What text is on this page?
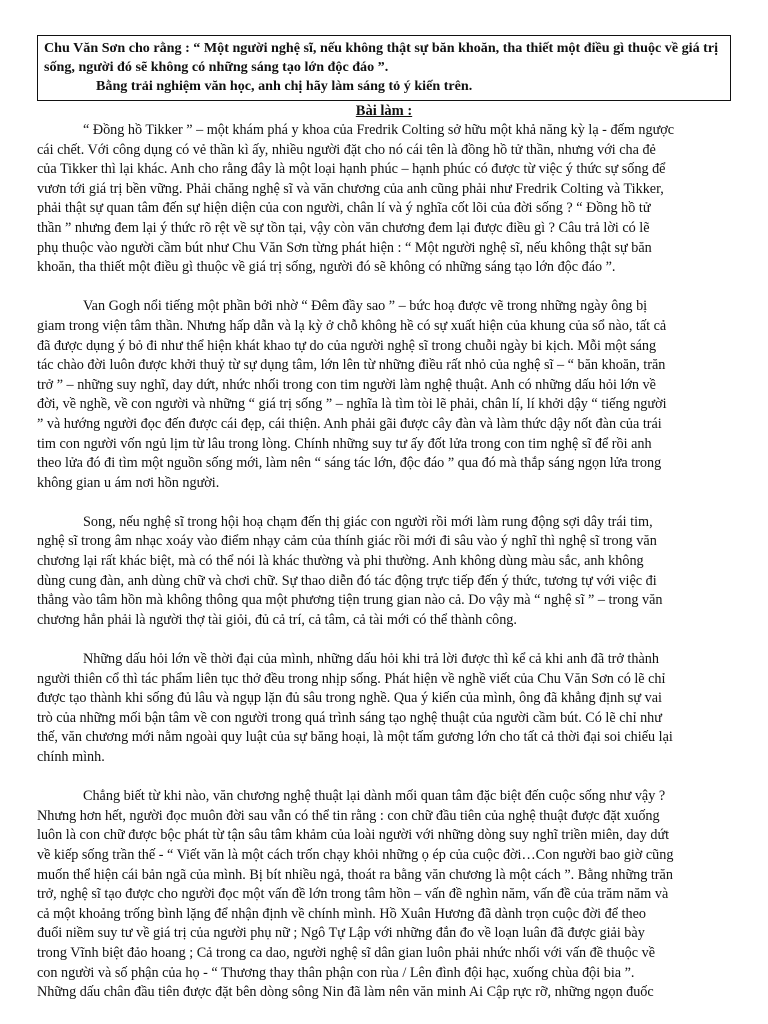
Chu Văn Sơn cho rằng : “ Một người nghệ sĩ, nếu không thật sự băn khoăn, tha thiết một điều gì thuộc về giá trị sống, người đó sẽ không có những sáng tạo lớn độc đáo ”.

Bằng trải nghiệm văn học, anh chị hãy làm sáng tỏ ý kiến trên.

Bài làm :
“ Đồng hồ Tikker ” – một khám phá y khoa của Fredrik Colting sở hữu một khả năng kỳ lạ - đếm ngược
cái chết. Với công dụng có vẻ thần kì ấy, nhiều người đặt cho nó cái tên là đồng hồ tử thần, nhưng với cha đẻ
của Tikker thì lại khác. Anh cho rằng đây là một loại hạnh phúc – hạnh phúc có được từ việc ý thức sự sống để
vươn tới giá trị bền vững. Phải chăng nghệ sĩ và văn chương của anh cũng phải như Fredrik Colting và Tikker,
phải thật sự quan tâm đến sự hiện diện của con người, chân lí và ý nghĩa cốt lõi của đời sống ? “ Đồng hồ tử
thần ” nhưng đem lại ý thức rõ rệt về sự tồn tại, vậy còn văn chương đem lại được điều gì ? Câu trả lời có lẽ
phụ thuộc vào người cầm bút như Chu Văn Sơn từng phát hiện : “ Một người nghệ sĩ, nếu không thật sự băn
khoăn, tha thiết một điều gì thuộc về giá trị sống, người đó sẽ không có những sáng tạo lớn độc đáo ”.
Van Gogh nổi tiếng một phần bởi nhờ “ Đêm đầy sao ” – bức hoạ được vẽ trong những ngày ông bị
giam trong viện tâm thần. Nhưng hấp dẫn và lạ kỳ ở chỗ không hề có sự xuất hiện của khung của sổ nào, tất cả
đã được dụng ý bỏ đi như thể hiện khát khao tự do của người nghệ sĩ trong chuỗi ngày bi kịch. Mỗi một sáng
tác chào đời luôn được khởi thuỷ từ sự dụng tâm, lớn lên từ những điều rất nhỏ của nghệ sĩ – “ băn khoăn, trăn
trở ” – những suy nghĩ, day dứt, nhức nhối trong con tim người làm nghệ thuật. Anh có những dấu hỏi lớn về
đời, về nghề, về con người và những “ giá trị sống ” – nghĩa là tìm tòi lẽ phải, chân lí, lí khởi dậy “ tiếng người
” và hướng người đọc đến được cái đẹp, cái thiện. Anh phải gãi được cây đàn và làm thức dậy nốt đàn của trái
tim con người vốn ngủ lịm từ lâu trong lòng. Chính những suy tư ấy đốt lửa trong con tim nghệ sĩ để rồi anh
theo lửa đó đi tìm một nguồn sống mới, làm nên “ sáng tác lớn, độc đáo ” qua đó mà thắp sáng ngọn lửa trong
không gian u ám nơi hồn người.
Song, nếu nghệ sĩ trong hội hoạ chạm đến thị giác con người rồi mới làm rung động sợi dây trái tim,
nghệ sĩ trong âm nhạc xoáy vào điểm nhạy cảm của thính giác rồi mới đi sâu vào ý nghĩ thì nghệ sĩ trong văn
chương lại rất khác biệt, mà có thể nói là khác thường và phi thường. Anh không dùng màu sắc, anh không
dùng cung đàn, anh dùng chữ và chơi chữ. Sự thao diễn đó tác động trực tiếp đến ý thức, tương tự với việc đi
thẳng vào tâm hồn mà không thông qua một phương tiện trung gian nào cả. Do vậy mà “ nghệ sĩ ” – trong văn
chương hẳn phải là người thợ tài giỏi, đủ cả trí, cả tâm, cả tài mới có thể thành công.
Những dấu hỏi lớn về thời đại của mình, những dấu hỏi khi trả lời được thì kể cả khi anh đã trở thành
người thiên cổ thì tác phẩm liên tục thở đều trong nhịp sống. Phát hiện về nghề viết của Chu Văn Sơn có lẽ chỉ
được tạo thành khi sống đủ lâu và ngụp lặn đủ sâu trong nghề. Qua ý kiến của mình, ông đã khẳng định sự vai
trò của những mối bận tâm về con người trong quá trình sáng tạo nghệ thuật của người cầm bút. Có lẽ chỉ như
thế, văn chương mới nằm ngoài quy luật của sự băng hoại, là một tấm gương lớn cho tất cả thời đại soi chiếu lại
chính mình.
Chẳng biết từ khi nào, văn chương nghệ thuật lại dành mối quan tâm đặc biệt đến cuộc sống như vậy ?
Nhưng hơn hết, người đọc muôn đời sau vẫn có thể tin rằng : con chữ đầu tiên của nghệ thuật được đặt xuống
luôn là con chữ được bộc phát từ tận sâu tâm khảm của loài người với những dòng suy nghĩ triền miên, day dứt
về kiếp sống trần thế - “ Viết văn là một cách trốn chạy khỏi những ọ ép của cuộc đời…Con người bao giờ cũng
muốn thể hiện cái bản ngã của mình. Bị bít nhiều ngả, thoát ra bằng văn chương là một cách ”. Bằng những trăn
trở, nghệ sĩ tạo được cho người đọc một vấn đề lớn trong tâm hồn – vấn đề nghìn năm, vấn đề của trăm năm và
cả một khoảng trống bình lặng để nhận định về chính mình. Hồ Xuân Hương đã dành trọn cuộc đời để theo
đuổi niềm suy tư về giá trị của người phụ nữ ; Ngô Tự Lập với những đắn đo về loạn luân đã được giải bày
trong Vĩnh biệt đảo hoang ; Cả trong ca dao, người nghệ sĩ dân gian luôn phải nhức nhối với vấn đề thuộc về
con người và số phận của họ - “ Thương thay thân phận con rùa / Lên đình đội hạc, xuống chùa đội bia ”.
Những dấu chân đầu tiên được đặt bên dòng sông Nin đã làm nên văn minh Ai Cập rực rỡ, những ngọn đuốc
